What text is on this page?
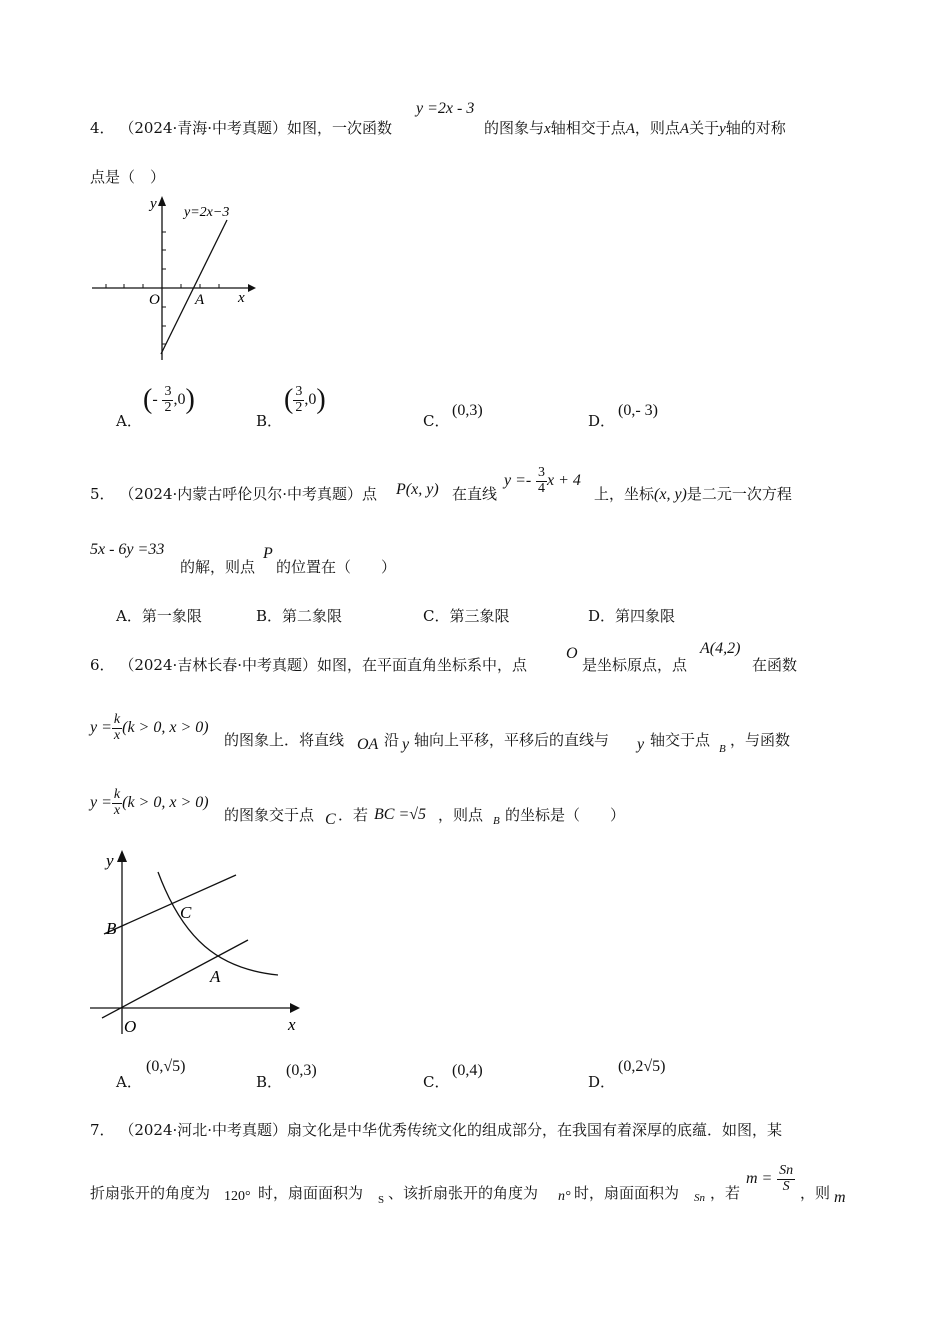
4． （2024·青海·中考真题）如图，一次函数
y =2x - 3
的图象与x轴相交于点A，则点A关于y轴的对称
点是（　）
y
y=2x−3
x
O A
A．
(- $\frac{3}{2} ,0$)
B．
( $\frac{3}{2} ,0$)
C．
(0,3)
D．
(0,- 3)
5． （2024·内蒙古呼伦贝尔·中考真题）点 P(x, y) 在直线
$y =- \frac{3}{4}$ x + 4
上，坐标(x, y)是二元一次方程
5x - 6y =33
的解，则点
P
的位置在（　　）
A．第一象限	B．第二象限	C．第三象限	D．第四象限
6． （2024·吉林长春·中考真题）如图，在平面直角坐标系中，点
O
是坐标原点，点
A(4,2)
在函数
$y = \frac{k}{x} (k > 0$, x > 0)
的图象上．将直线 OA 沿 y 轴向上平移，平移后的直线与 y 轴交于点 B ，与函数
$y = \frac{k}{x} (k > 0$, x > 0)
的图象交于点 C ．若 BC =√5 ，则点 B 的坐标是（　　）
y
x
O
A
B
C
A．
(0,√5)
B．
(0,3)
C．
(0,4)
D．
(0,2√5)
7． （2024·河北·中考真题）扇文化是中华优秀传统文化的组成部分，在我国有着深厚的底蕴．如图，某
折扇张开的角度为 120° 时，扇面面积为 S 、该折扇张开的角度为 n° 时，扇面面积为 Sn ，若
$m = \frac{Sn}{S}$ ，则 m
